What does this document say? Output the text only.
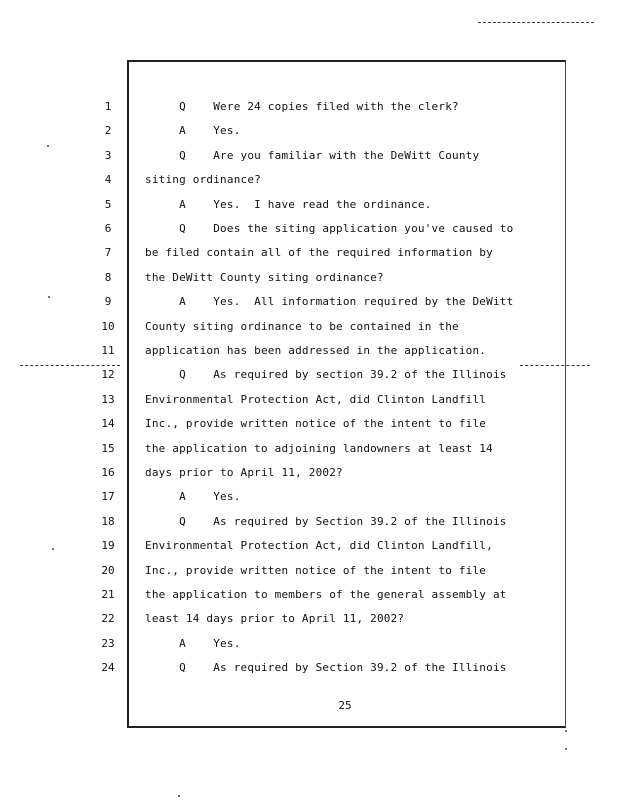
1	Q    Were 24 copies filed with the clerk?
2	A    Yes.
3	Q    Are you familiar with the DeWitt County
4	siting ordinance?
5	A    Yes.  I have read the ordinance.
6	Q    Does the siting application you've caused to
7	be filed contain all of the required information by
8	the DeWitt County siting ordinance?
9	A    Yes.  All information required by the DeWitt
10	County siting ordinance to be contained in the
11	application has been addressed in the application.
12	Q    As required by section 39.2 of the Illinois
13	Environmental Protection Act, did Clinton Landfill
14	Inc., provide written notice of the intent to file
15	the application to adjoining landowners at least 14
16	days prior to April 11, 2002?
17	A    Yes.
18	Q    As required by Section 39.2 of the Illinois
19	Environmental Protection Act, did Clinton Landfill,
20	Inc., provide written notice of the intent to file
21	the application to members of the general assembly at
22	least 14 days prior to April 11, 2002?
23	A    Yes.
24	Q    As required by Section 39.2 of the Illinois
25
